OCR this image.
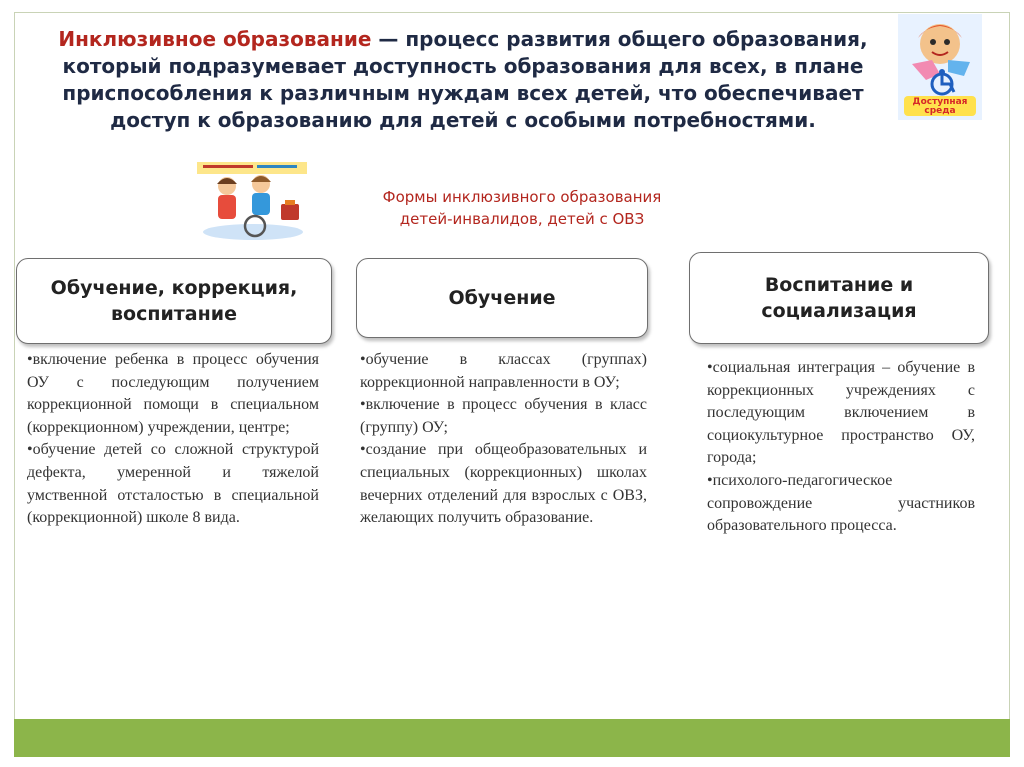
Инклюзивное образование — процесс развития общего образования, который подразумевает доступность образования для всех, в плане приспособления к различным нуждам всех детей, что обеспечивает доступ к образованию для детей с особыми потребностями.
Доступная среда
Формы инклюзивного образования
детей-инвалидов, детей с ОВЗ
Обучение, коррекция, воспитание
Обучение
Воспитание и социализация

•включение ребенка в процесс обучения ОУ с последующим получением коррекционной помощи в специальном (коррекционном) учреждении, центре;

•обучение детей со сложной структурой дефекта, умеренной и тяжелой умственной отсталостью в специальной (коррекционной) школе 8 вида.

•обучение в классах (группах) коррекционной направленности в ОУ;

•включение в процесс обучения в класс (группу) ОУ;

•создание при общеобразовательных и специальных (коррекционных) школах вечерних отделений для взрослых с ОВЗ, желающих получить образование.

•социальная интеграция – обучение в коррекционных учреждениях с последующим включением в социокультурное пространство ОУ, города;

•психолого-педагогическое сопровождение участников образовательного процесса.
